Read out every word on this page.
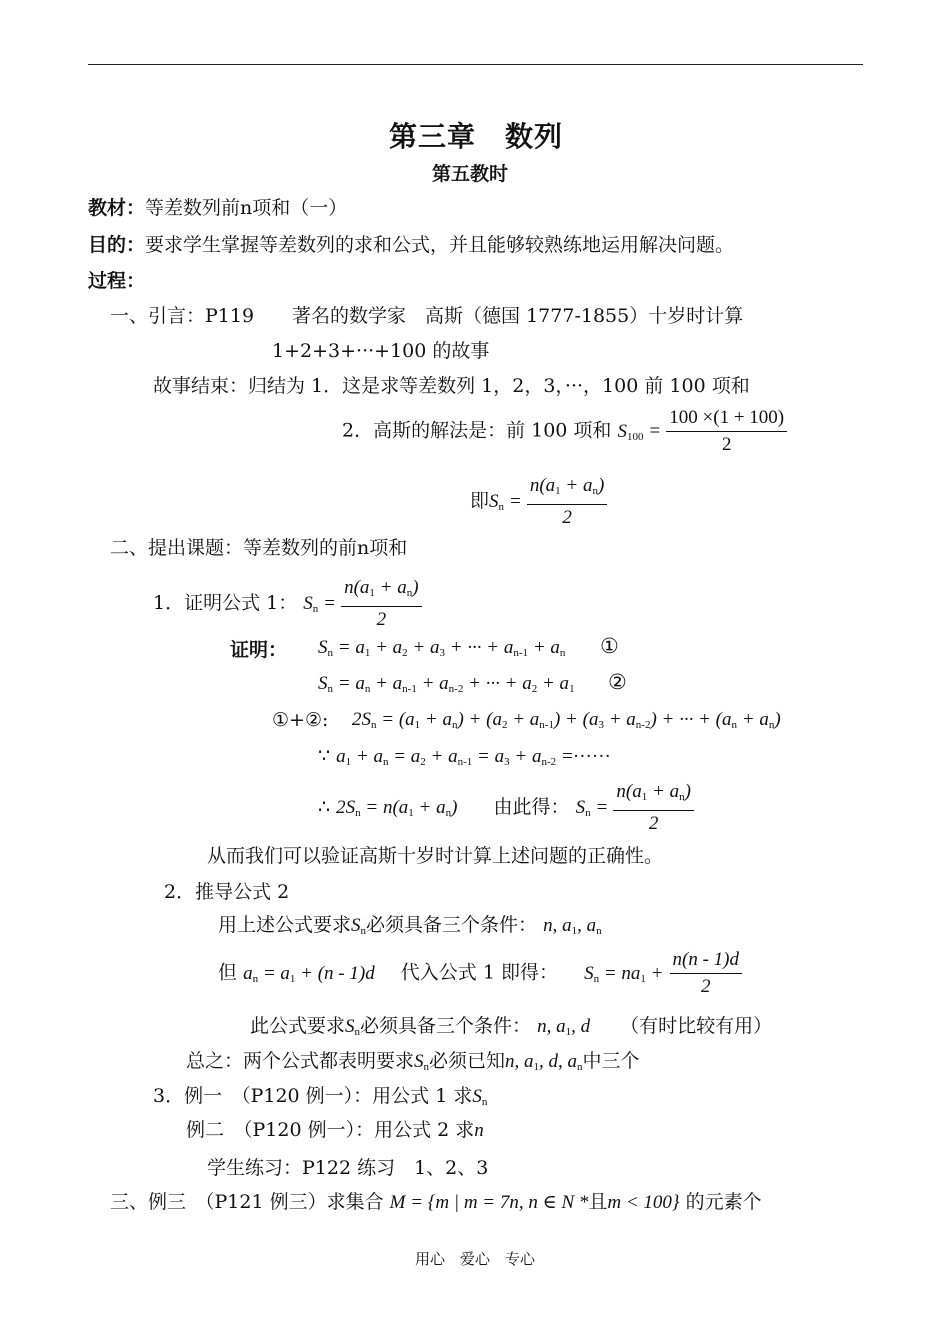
第三章　数列
第五教时
教材：等差数列前n项和（一）
目的：要求学生掌握等差数列的求和公式，并且能够较熟练地运用解决问题。
过程：
一、引言：P119　　著名的数学家　高斯（德国 1777-1855）十岁时计算
1+2+3+···+100 的故事
故事结束：归结为 1．这是求等差数列 1，2，3，···，100 前 100 项和
2．高斯的解法是：前 100 项和 $S_{100} = \frac{100 \times(1 + 100)}{2}$
即$S_n = \frac{n(a_1 + a_n)}{2}$
二、提出课题：等差数列的前n项和
1．证明公式 1： $S_n = \frac{n(a_1 + a_n)}{2}$
证明： $S_n = a_1 + a_2 + a_3$ + ··· + $a_{n-1} + a_n$ ①
$S_n = a_n + a_{n-1} + a_{n-2}$ + ··· + $a_2 + a_1$ ②
①+②: $2S_n = (a_1 + a_n) + (a_2 + a_{n-1}) + (a_3 + a_{n-2})$ + ··· + $(a_n + a_n)$
∵ $a_1 + a_n = a_2 + a_{n-1} = a_3 + a_{n-2}$ =······
∴ $2S_n = n(a_1 + a_n)$ 由此得： $S_n = \frac{n(a_1 + a_n)}{2}$
从而我们可以验证高斯十岁时计算上述问题的正确性。
2．推导公式 2
用上述公式要求$S_n$必须具备三个条件： n, $a_1$, $a_n$
但 $a_n = a_1 + (n - 1)d$ 代入公式 1 即得： $S_n = na_1 + \frac{n(n - 1)d}{2}$
此公式要求$S_n$必须具备三个条件： n, $a_1$, d （有时比较有用）
总之：两个公式都表明要求$S_n$必须已知n, $a_1$, d, $a_n$中三个
3．例一　（P120 例一）：用公式 1 求$S_n$
例二　（P120 例一）：用公式 2 求n
学生练习：P122 练习　1、2、3
三、例三　（P121 例三）求集合 M = {m | m = 7n, n ∈ N *且m < 100} 的元素个
用心　爱心　专心
